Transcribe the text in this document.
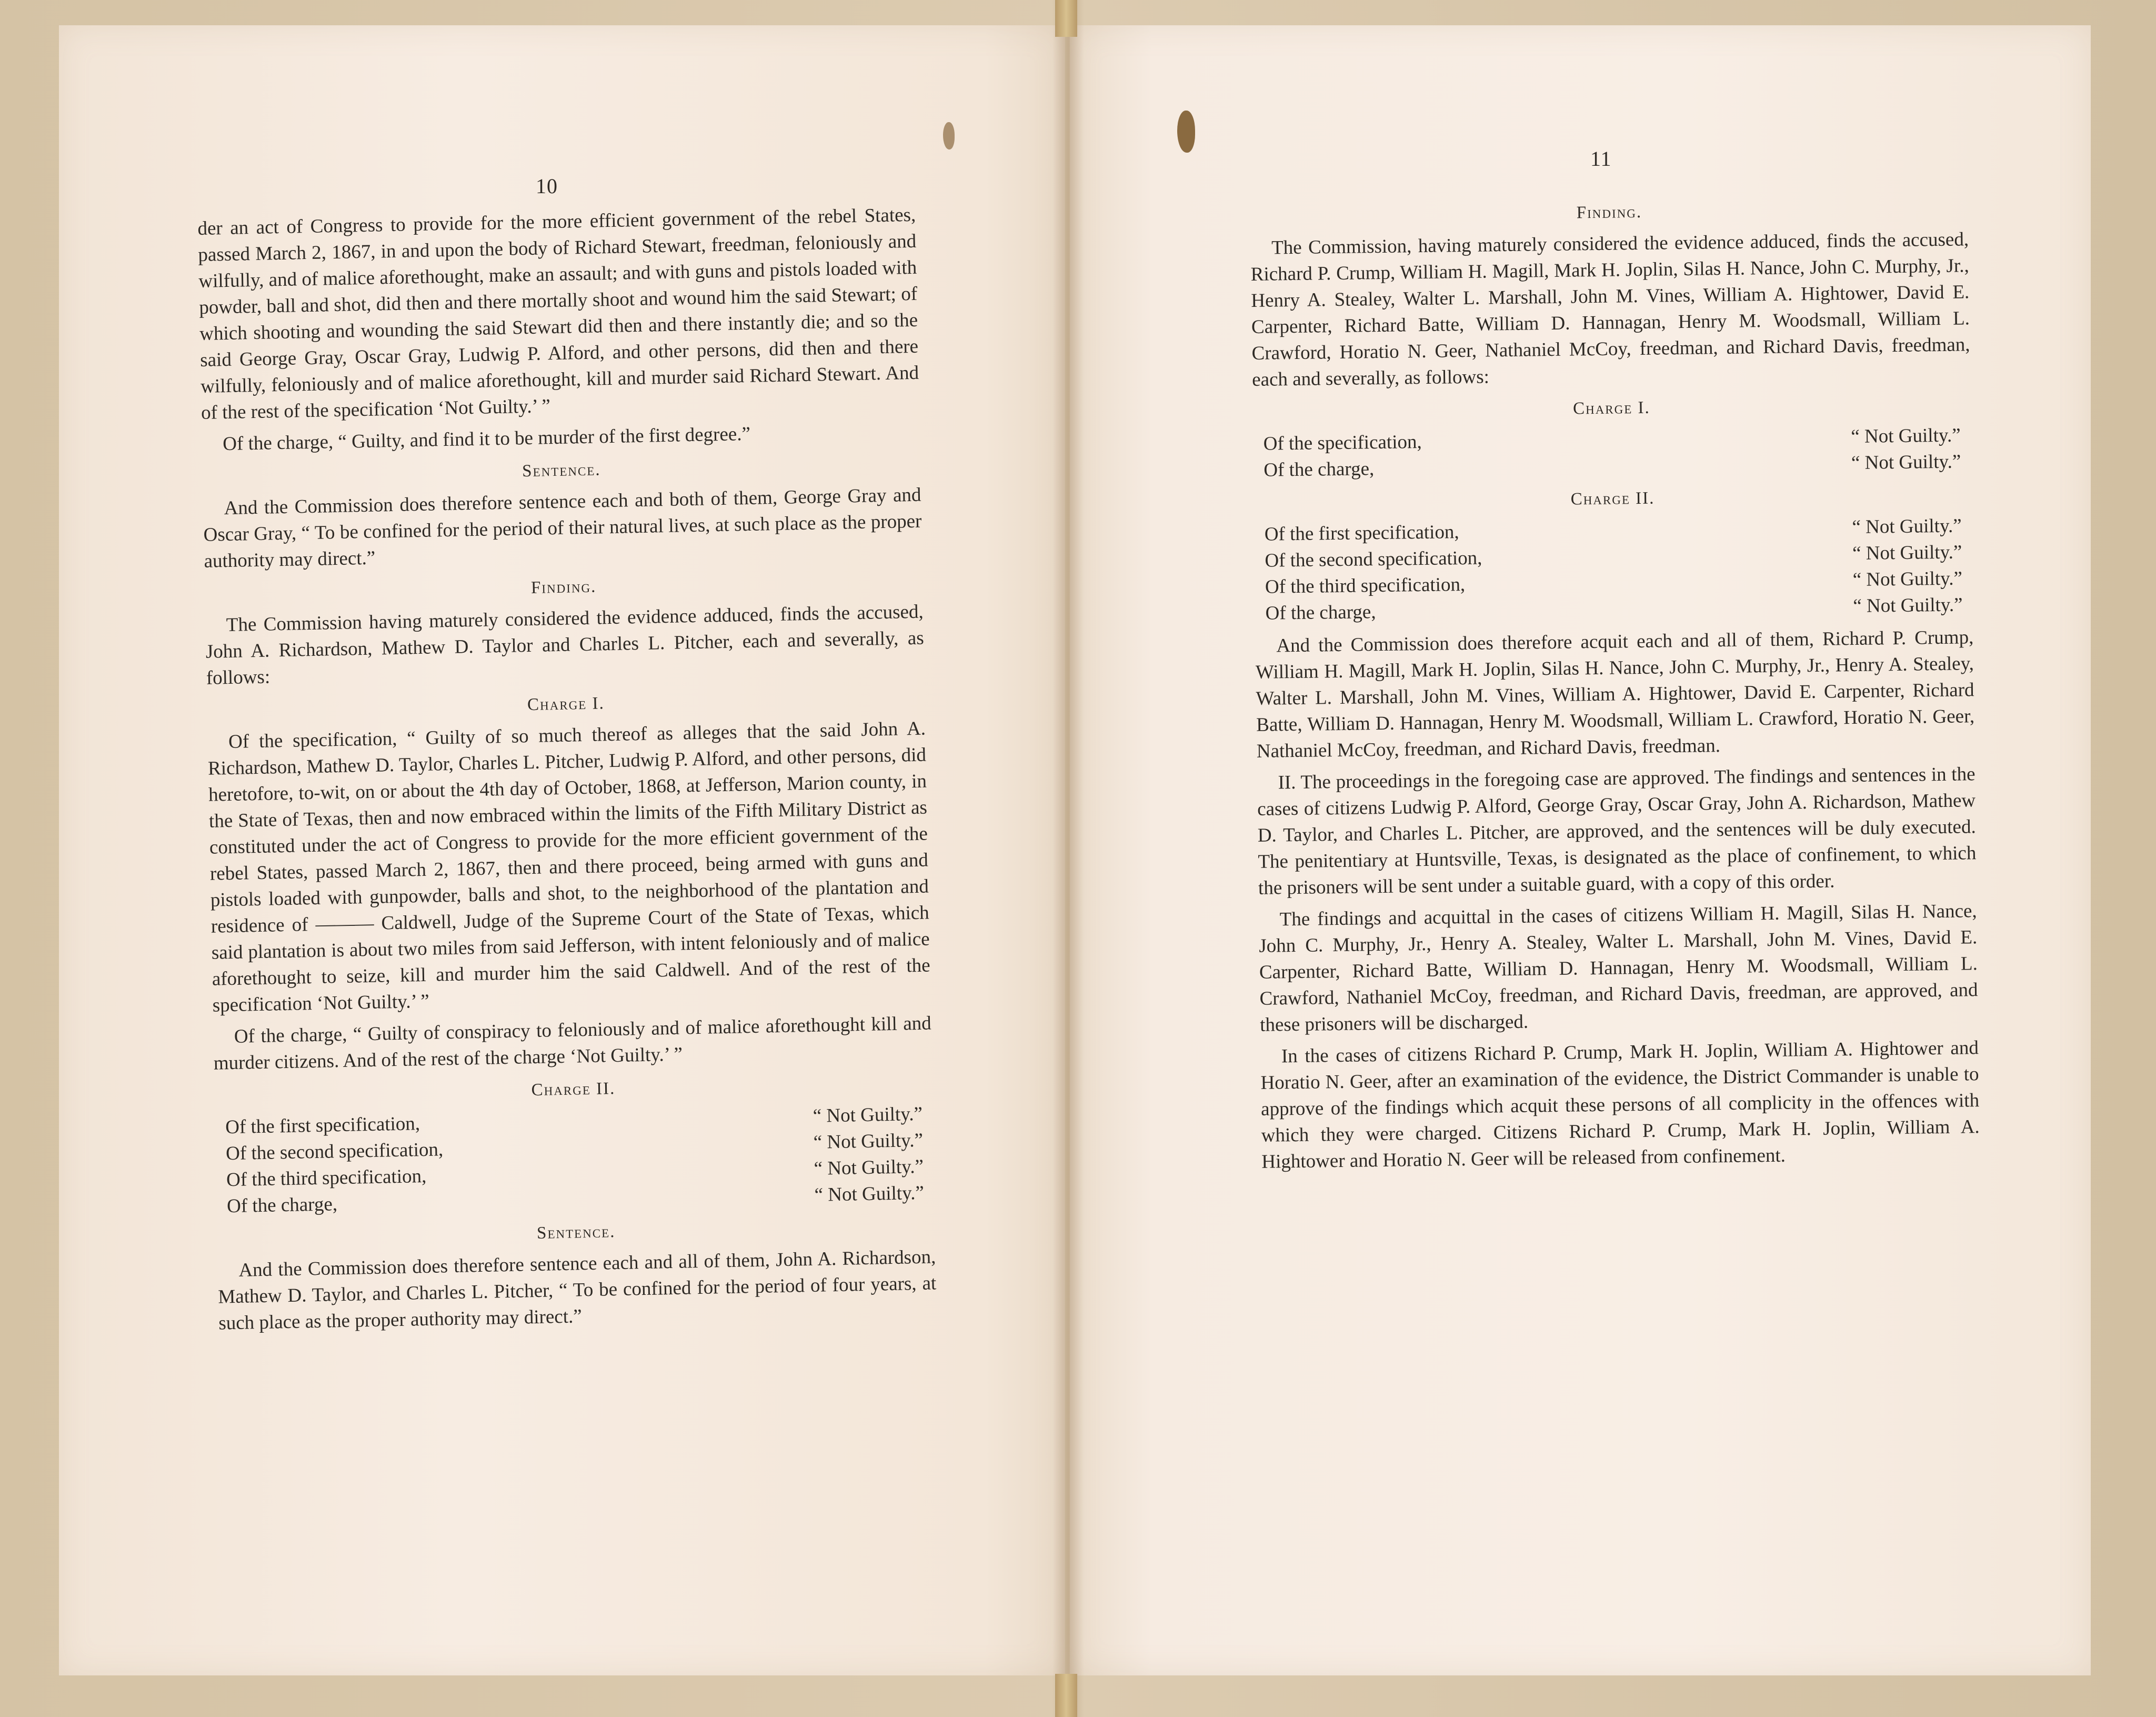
10
11

der an act of Congress to provide for the more efficient government of the rebel States, passed March 2, 1867, in and upon the body of Richard Stewart, freedman, feloniously and wilfully, and of malice aforethought, make an assault; and with guns and pistols loaded with powder, ball and shot, did then and there mortally shoot and wound him the said Stewart; of which shooting and wounding the said Stewart did then and there instantly die; and so the said George Gray, Oscar Gray, Ludwig P. Alford, and other persons, did then and there wilfully, feloniously and of malice aforethought, kill and murder said Richard Stewart. And of the rest of the specification ‘Not Guilty.’ ”

Of the charge, “ Guilty, and find it to be murder of the first degree.”

Sentence.

And the Commission does therefore sentence each and both of them, George Gray and Oscar Gray, “ To be confined for the period of their natural lives, at such place as the proper authority may direct.”

Finding.

The Commission having maturely considered the evidence adduced, finds the accused, John A. Richardson, Mathew D. Taylor and Charles L. Pitcher, each and severally, as follows:

Charge I.

Of the specification, “ Guilty of so much thereof as alleges that the said John A. Richardson, Mathew D. Taylor, Charles L. Pitcher, Ludwig P. Alford, and other persons, did heretofore, to-wit, on or about the 4th day of October, 1868, at Jefferson, Marion county, in the State of Texas, then and now embraced within the limits of the Fifth Military District as constituted under the act of Congress to provide for the more efficient government of the rebel States, passed March 2, 1867, then and there proceed, being armed with guns and pistols loaded with gunpowder, balls and shot, to the neighborhood of the plantation and residence of ——— Caldwell, Judge of the Supreme Court of the State of Texas, which said plantation is about two miles from said Jefferson, with intent feloniously and of malice aforethought to seize, kill and murder him the said Caldwell. And of the rest of the specification ‘Not Guilty.’ ”

Of the charge, “ Guilty of conspiracy to feloniously and of malice aforethought kill and murder citizens. And of the rest of the charge ‘Not Guilty.’ ”

Charge II.
Of the first specification,	“ Not Guilty.”
Of the second specification,	“ Not Guilty.”
Of the third specification,	“ Not Guilty.”
Of the charge,	“ Not Guilty.”
Sentence.

And the Commission does therefore sentence each and all of them, John A. Richardson, Mathew D. Taylor, and Charles L. Pitcher, “ To be confined for the period of four years, at such place as the proper authority may direct.”

Finding.

The Commission, having maturely considered the evidence adduced, finds the accused, Richard P. Crump, William H. Magill, Mark H. Joplin, Silas H. Nance, John C. Murphy, Jr., Henry A. Stealey, Walter L. Marshall, John M. Vines, William A. Hightower, David E. Carpenter, Richard Batte, William D. Hannagan, Henry M. Woodsmall, William L. Crawford, Horatio N. Geer, Nathaniel McCoy, freedman, and Richard Davis, freedman, each and severally, as follows:

Charge I.
Of the specification,	“ Not Guilty.”
Of the charge,	“ Not Guilty.”
Charge II.
Of the first specification,	“ Not Guilty.”
Of the second specification,	“ Not Guilty.”
Of the third specification,	“ Not Guilty.”
Of the charge,	“ Not Guilty.”

And the Commission does therefore acquit each and all of them, Richard P. Crump, William H. Magill, Mark H. Joplin, Silas H. Nance, John C. Murphy, Jr., Henry A. Stealey, Walter L. Marshall, John M. Vines, William A. Hightower, David E. Carpenter, Richard Batte, William D. Hannagan, Henry M. Woodsmall, William L. Crawford, Horatio N. Geer, Nathaniel McCoy, freedman, and Richard Davis, freedman.

II. The proceedings in the foregoing case are approved. The findings and sentences in the cases of citizens Ludwig P. Alford, George Gray, Oscar Gray, John A. Richardson, Mathew D. Taylor, and Charles L. Pitcher, are approved, and the sentences will be duly executed. The penitentiary at Huntsville, Texas, is designated as the place of confinement, to which the prisoners will be sent under a suitable guard, with a copy of this order.

The findings and acquittal in the cases of citizens William H. Magill, Silas H. Nance, John C. Murphy, Jr., Henry A. Stealey, Walter L. Marshall, John M. Vines, David E. Carpenter, Richard Batte, William D. Hannagan, Henry M. Woodsmall, William L. Crawford, Nathaniel McCoy, freedman, and Richard Davis, freedman, are approved, and these prisoners will be discharged.

In the cases of citizens Richard P. Crump, Mark H. Joplin, William A. Hightower and Horatio N. Geer, after an examination of the evidence, the District Commander is unable to approve of the findings which acquit these persons of all complicity in the offences with which they were charged. Citizens Richard P. Crump, Mark H. Joplin, William A. Hightower and Horatio N. Geer will be released from confinement.
